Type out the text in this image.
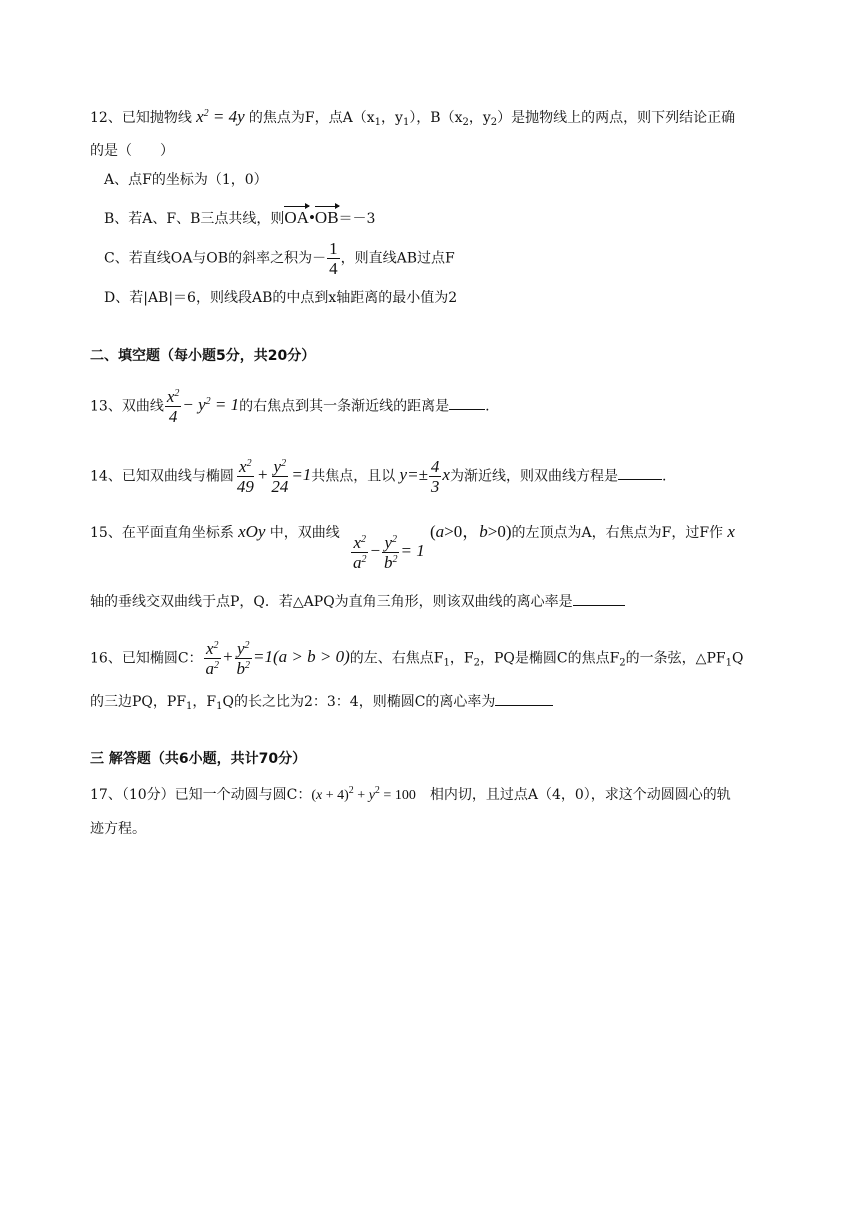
12、已知抛物线 $x^2 = 4y$ 的焦点为F，点$A(x_1$，$y_1$），$B(x_2$，$y_2$）是抛物线上的两点，则下列结论正确
的是（　　）
A、点F的坐标为（1，0）
B、若A、F、B三点共线，则OA•OB＝－3
C、若直线OA与OB的斜率之积为－ $\frac{1}{4}$ ，则直线AB过点F
D、若|AB|＝6，则线段AB的中点到x轴距离的最小值为2
二、填空题（每小题5分，共20分）
13、双曲线 $\frac{x^2}{4} - y^2 = 1$的右焦点到其一条渐近线的距离是	.
14、已知双曲线与椭圆 $\frac{x^2}{49} + \frac{y^2}{24} =1$共焦点，且以 $y=\pm \frac{4}{3}$ x为渐近线，则双曲线方程是	.
15、在平面直角坐标系 xOy 中，双曲线
$\frac{x^2}{a^2} - \frac{y^2}{b^2} = 1$
(a>0，b>0)的左顶点为A，右焦点为F，过F作 x
轴的垂线交双曲线于点P，Q．若△APQ为直角三角形，则该双曲线的离心率是
16、已知椭圆C： $\frac{x^2}{a^2} + \frac{y^2}{b^2} =1(a > b > 0)$的左、右焦点$F_1$，$F_2$，PQ是椭圆C的焦点$F_2$的一条弦，$\triangle PF_1Q$
的三边PQ，$PF_1$，$F_1Q$的长之比为2：3：4，则椭圆C的离心率为
三 解答题（共6小题，共计70分）
17、（10分）已知一个动圆与圆C：$(x + 4)^2 + y^2 = 100$　 相内切，且过点A（4，0），求这个动圆圆心的轨
迹方程。
